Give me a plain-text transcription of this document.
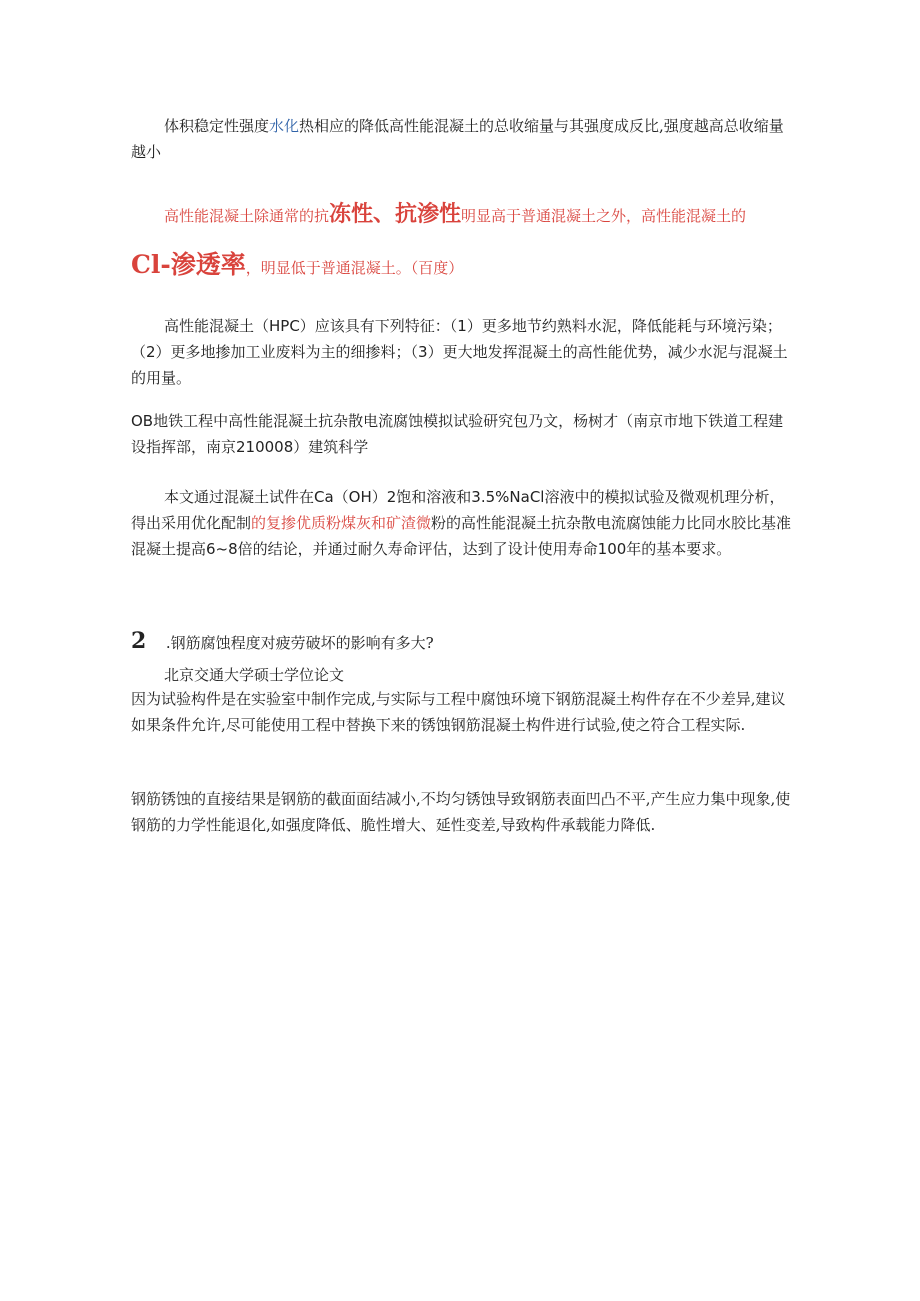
体积稳定性强度水化热相应的降低高性能混凝土的总收缩量与其强度成反比,强度越高总收缩量越小

高性能混凝土除通常的抗冻性、抗渗性明显高于普通混凝土之外，高性能混凝土的

Cl-渗透率，明显低于普通混凝土。（百度）

高性能混凝土（HPC）应该具有下列特征：（1）更多地节约熟料水泥，降低能耗与环境污染；（2）更多地掺加工业废料为主的细掺料；（3）更大地发挥混凝土的高性能优势，减少水泥与混凝土的用量。

OB地铁工程中高性能混凝土抗杂散电流腐蚀模拟试验研究包乃文，杨树才（南京市地下铁道工程建设指挥部，南京210008）建筑科学

本文通过混凝土试件在Ca（OH）2饱和溶液和3.5%NaCl溶液中的模拟试验及微观机理分析，得出采用优化配制的复掺优质粉煤灰和矿渣微粉的高性能混凝土抗杂散电流腐蚀能力比同水胶比基准混凝土提高6~8倍的结论，并通过耐久寿命评估，达到了设计使用寿命100年的基本要求。

2 .钢筋腐蚀程度对疲劳破坏的影响有多大?

北京交通大学硕士学位论文

因为试验构件是在实验室中制作完成,与实际与工程中腐蚀环境下钢筋混凝土构件存在不少差异,建议如果条件允许,尽可能使用工程中替换下来的锈蚀钢筋混凝土构件进行试验,使之符合工程实际.

钢筋锈蚀的直接结果是钢筋的截面面结减小,不均匀锈蚀导致钢筋表面凹凸不平,产生应力集中现象,使钢筋的力学性能退化,如强度降低、脆性增大、延性变差,导致构件承载能力降低.
